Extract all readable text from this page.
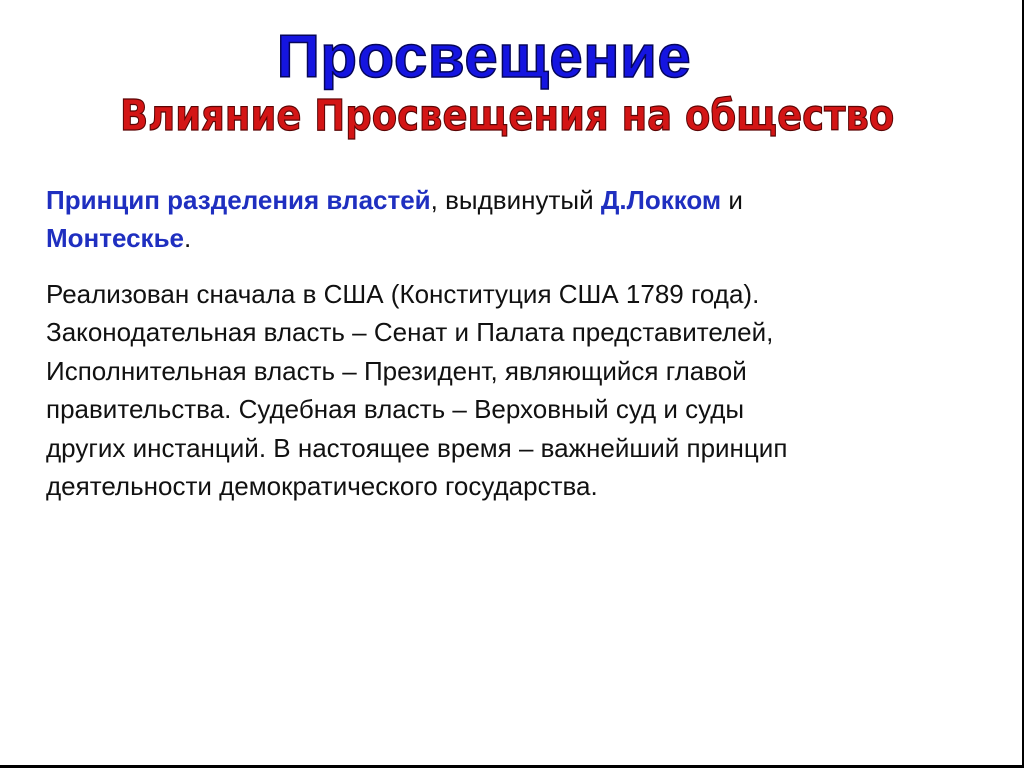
Просвещение
Влияние Просвещения на общество
Принцип разделения властей, выдвинутый Д.Локком и
Монтескье.
Реализован сначала в США (Конституция США 1789 года).
Законодательная власть – Сенат и Палата представителей,
Исполнительная власть – Президент, являющийся главой
правительства. Судебная власть – Верховный суд и суды
других инстанций. В настоящее время – важнейший принцип
деятельности демократического государства.
